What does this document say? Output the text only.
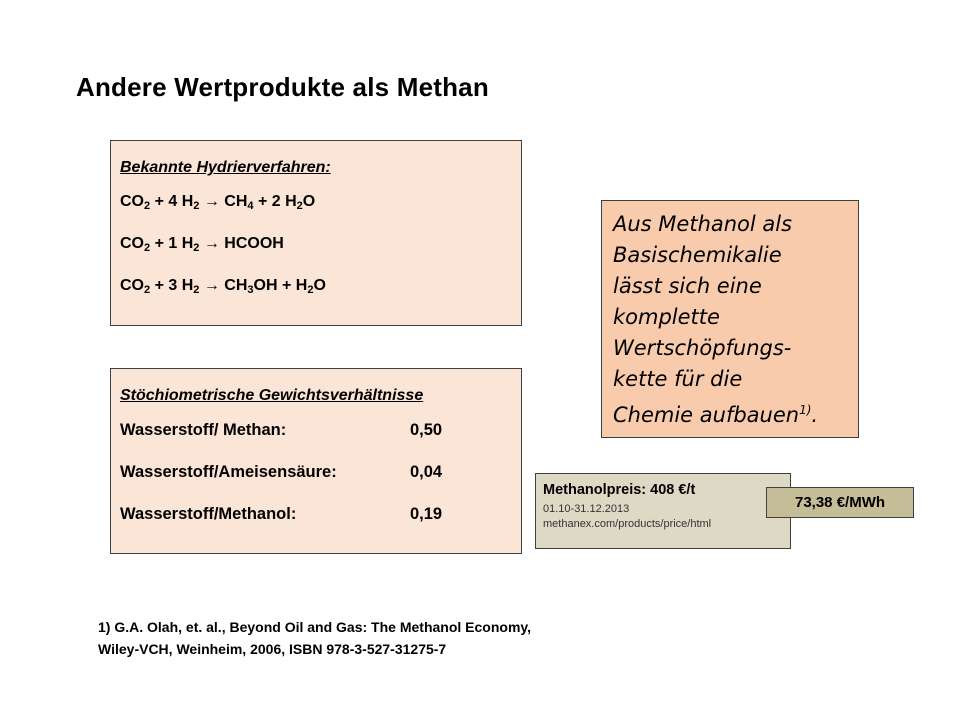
Andere Wertprodukte als Methan
Bekannte Hydrierverfahren:
$CO_2 + 4$ $H_2 \to CH_4 + 2$ $H_2O$
$CO_2 + 1$ $H_2$ → HCOOH
$CO_2 + 3$ $H_2 \to CH_3OH + H_2O$
Stöchiometrische Gewichtsverhältnisse
Wasserstoff/ Methan:	0,50
Wasserstoff/Ameisensäure:	0,04
Wasserstoff/Methanol:	0,19
Aus Methanol als
Basischemikalie
lässt sich eine
komplette
Wertschöpfungs-
kette für die
Chemie aufbauen$^{1)}$.
Methanolpreis: 408 €/t
01.10-31.12.2013
methanex.com/products/price/html
73,38 €/MWh
1) G.A. Olah, et. al., Beyond Oil and Gas: The Methanol Economy,
Wiley-VCH, Weinheim, 2006, ISBN 978-3-527-31275-7
